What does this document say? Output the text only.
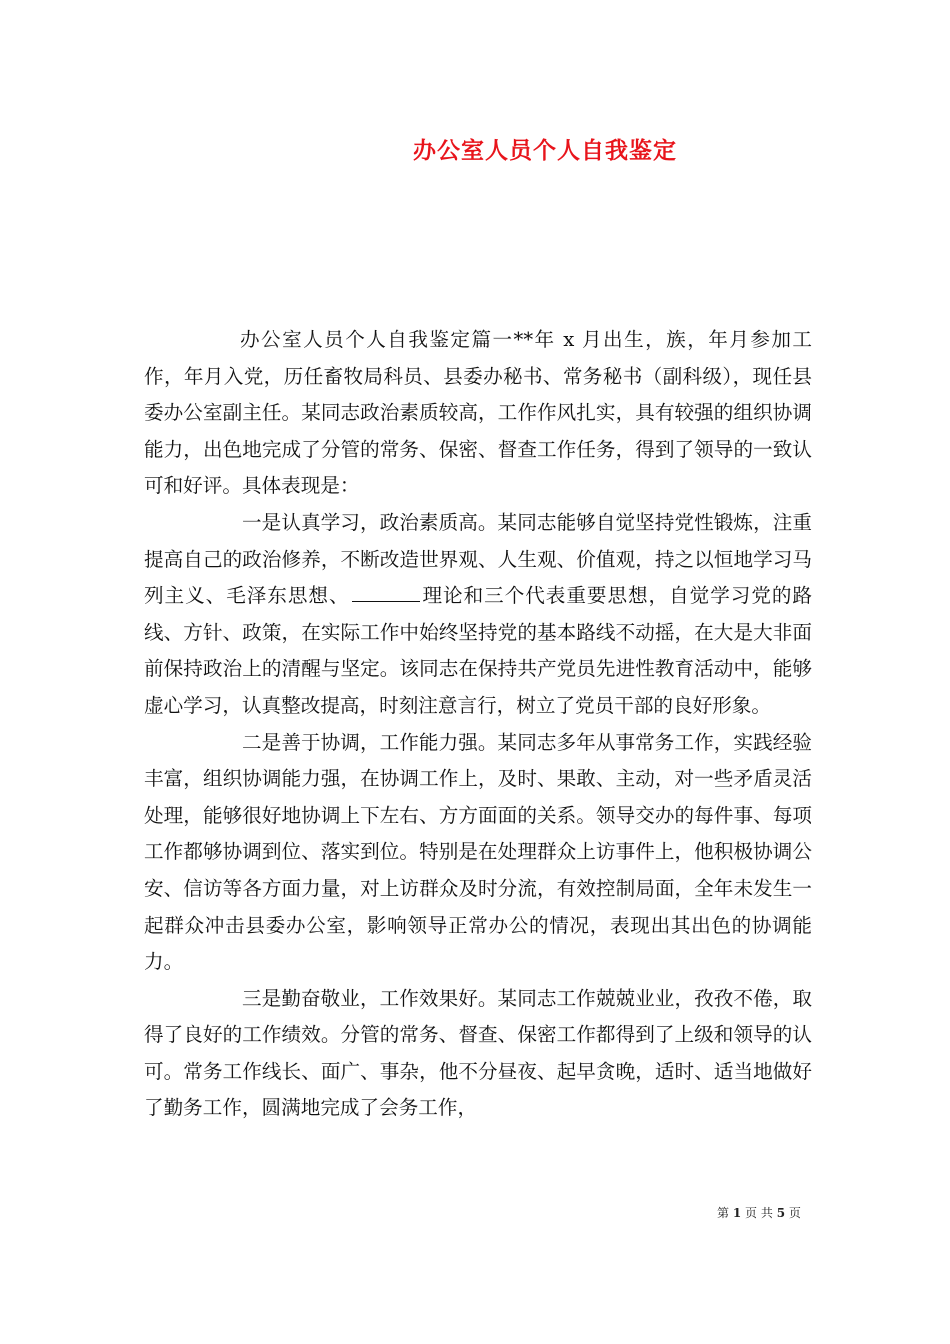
办公室人员个人自我鉴定

办公室人员个人自我鉴定篇一**年 x 月出生，族，年月参加工作，年月入党，历任畜牧局科员、县委办秘书、常务秘书（副科级），现任县委办公室副主任。某同志政治素质较高，工作作风扎实，具有较强的组织协调能力，出色地完成了分管的常务、保密、督查工作任务，得到了领导的一致认可和好评。具体表现是：

一是认真学习，政治素质高。某同志能够自觉坚持党性锻炼，注重提高自己的政治修养，不断改造世界观、人生观、价值观，持之以恒地学习马列主义、毛泽东思想、	理论和三个代表重要思想，自觉学习党的路线、方针、政策，在实际工作中始终坚持党的基本路线不动摇，在大是大非面前保持政治上的清醒与坚定。该同志在保持共产党员先进性教育活动中，能够虚心学习，认真整改提高，时刻注意言行，树立了党员干部的良好形象。

二是善于协调，工作能力强。某同志多年从事常务工作，实践经验丰富，组织协调能力强，在协调工作上，及时、果敢、主动，对一些矛盾灵活处理，能够很好地协调上下左右、方方面面的关系。领导交办的每件事、每项工作都够协调到位、落实到位。特别是在处理群众上访事件上，他积极协调公安、信访等各方面力量，对上访群众及时分流，有效控制局面，全年未发生一起群众冲击县委办公室，影响领导正常办公的情况，表现出其出色的协调能力。

三是勤奋敬业，工作效果好。某同志工作兢兢业业，孜孜不倦，取得了良好的工作绩效。分管的常务、督查、保密工作都得到了上级和领导的认可。常务工作线长、面广、事杂，他不分昼夜、起早贪晚，适时、适当地做好了勤务工作，圆满地完成了会务工作，

第 1 页 共 5 页
